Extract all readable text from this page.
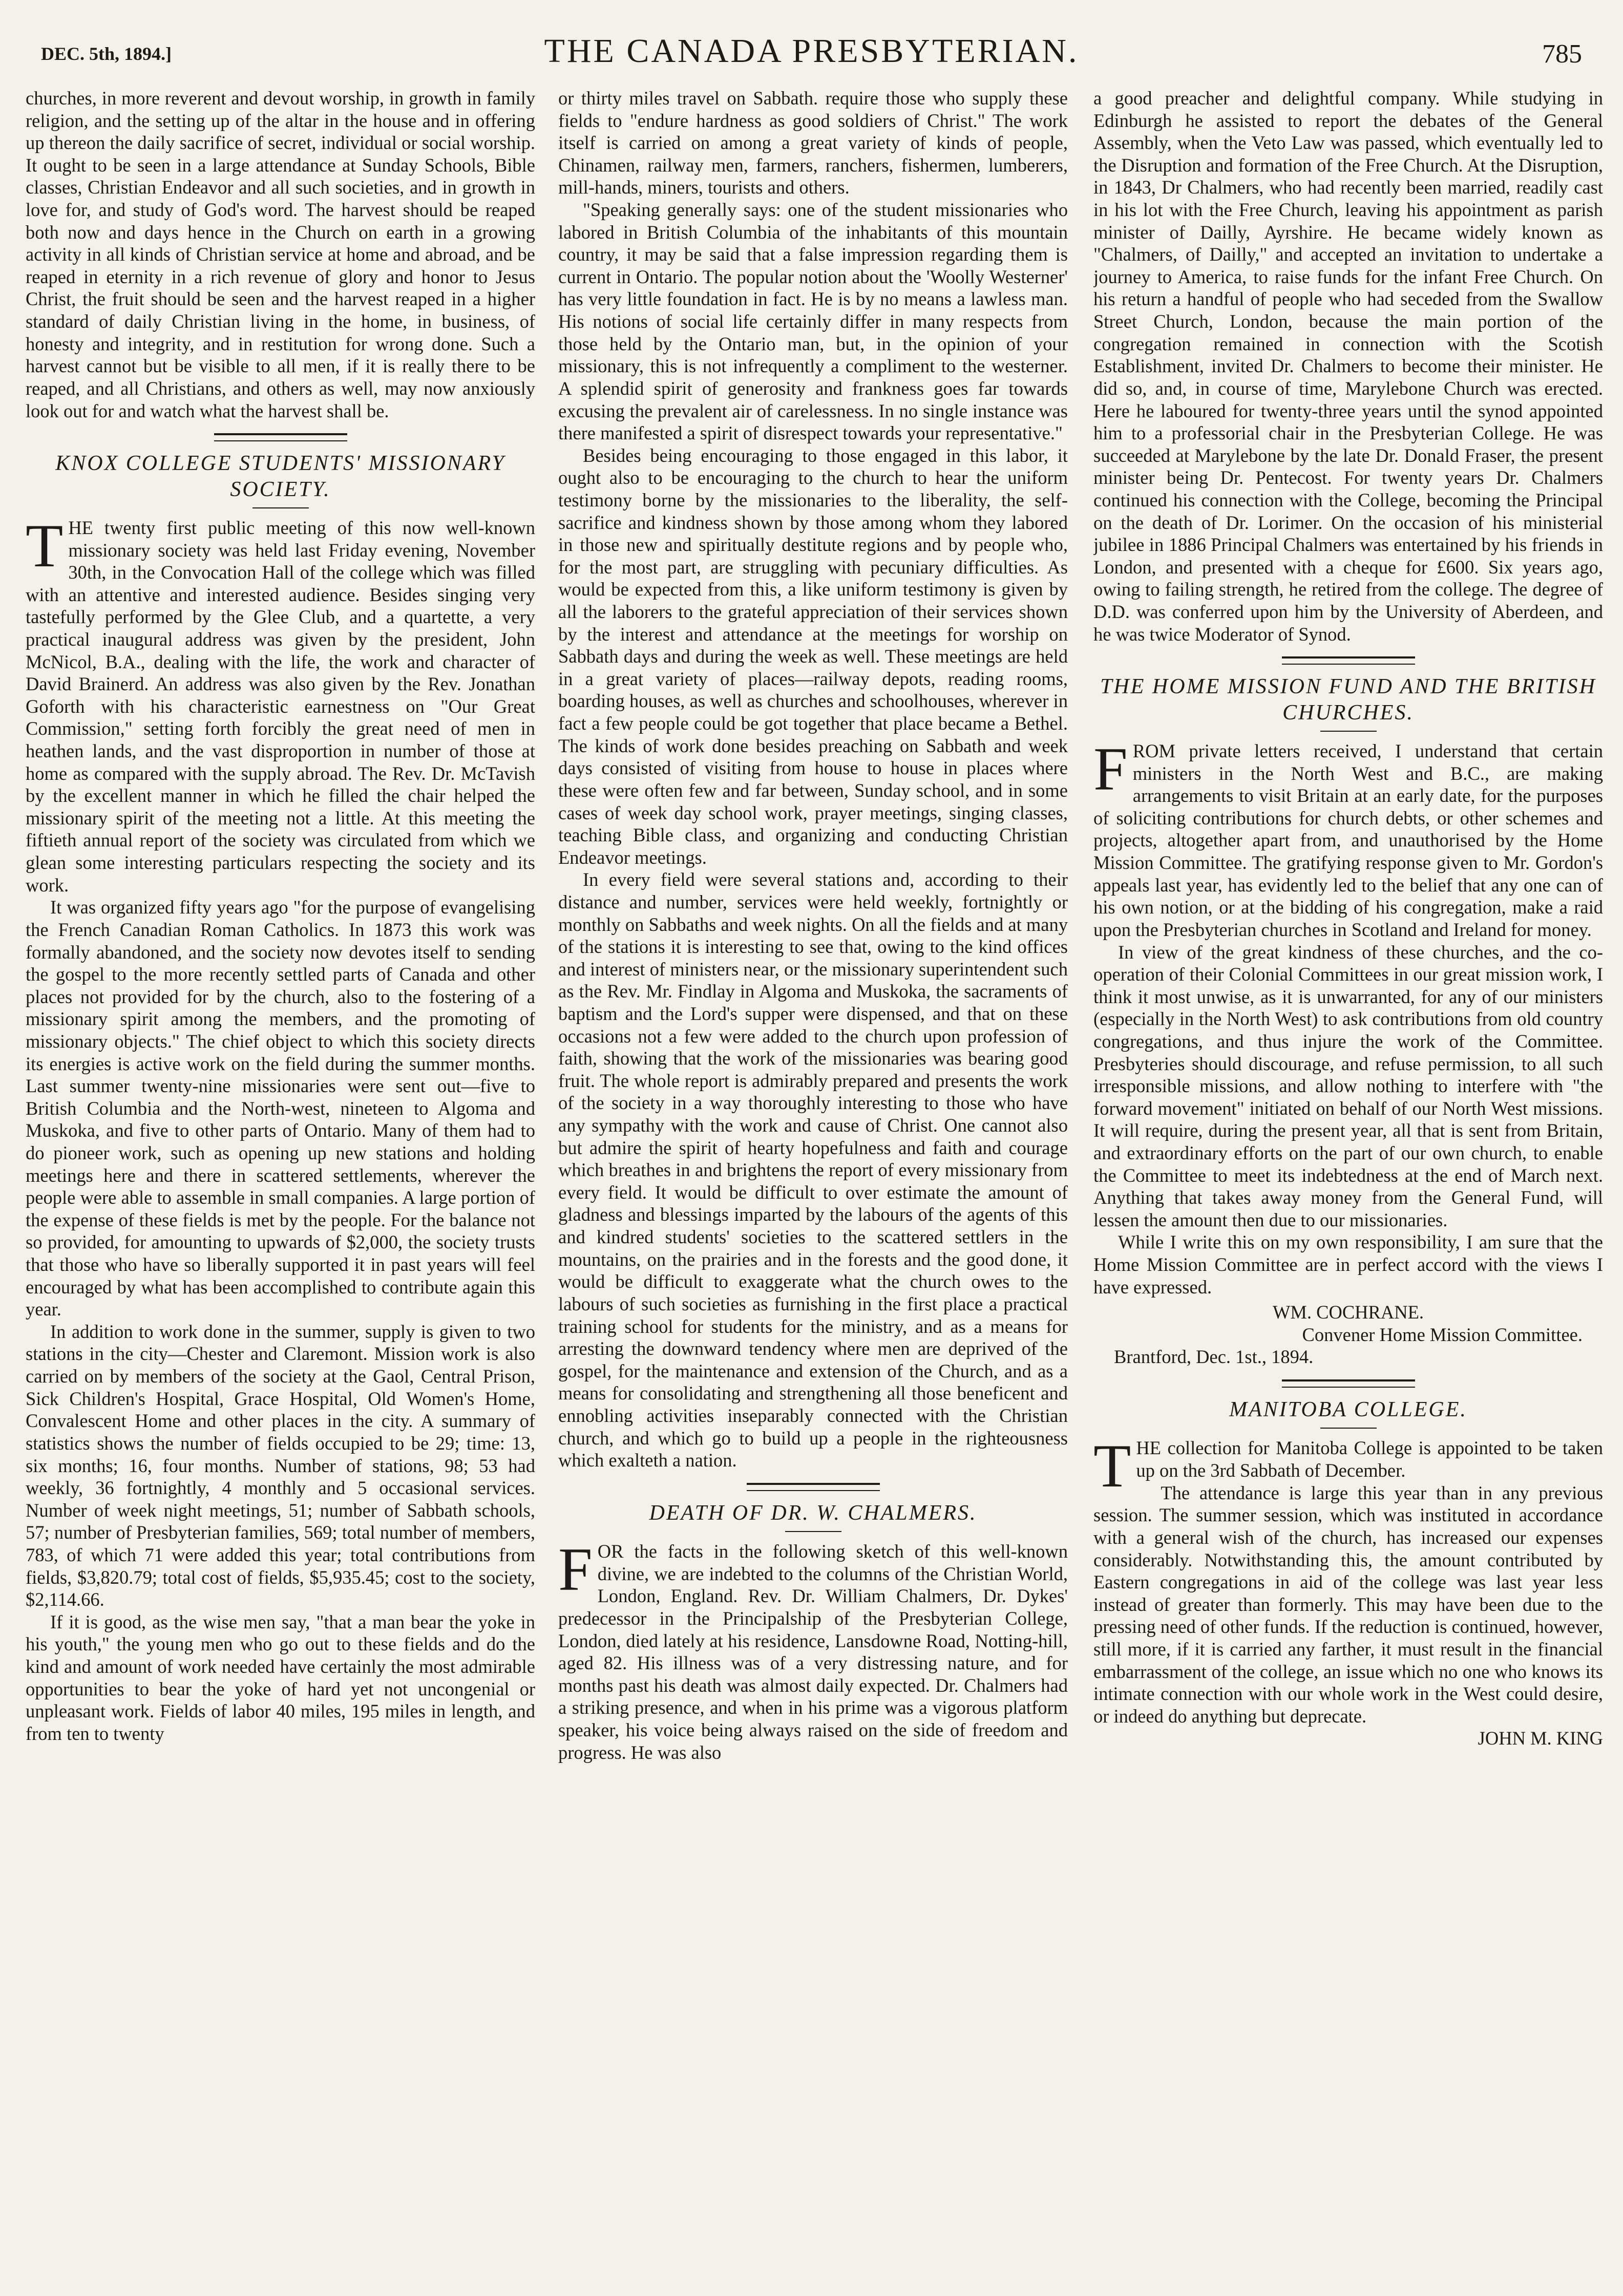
DEC. 5th, 1894.]	THE CANADA PRESBYTERIAN.	785

churches, in more reverent and devout worship, in growth in family religion, and the setting up of the altar in the house and in offering up thereon the daily sacrifice of secret, individual or social worship. It ought to be seen in a large attendance at Sunday Schools, Bible classes, Christian Endeavor and all such societies, and in growth in love for, and study of God's word. The harvest should be reaped both now and days hence in the Church on earth in a growing activity in all kinds of Christian service at home and abroad, and be reaped in eternity in a rich revenue of glory and honor to Jesus Christ, the fruit should be seen and the harvest reaped in a higher standard of daily Christian living in the home, in business, of honesty and integrity, and in restitution for wrong done. Such a harvest cannot but be visible to all men, if it is really there to be reaped, and all Christians, and others as well, may now anxiously look out for and watch what the harvest shall be.

KNOX COLLEGE STUDENTS' MISSIONARY SOCIETY.

THE twenty first public meeting of this now well-known missionary society was held last Friday evening, November 30th, in the Convocation Hall of the college which was filled with an attentive and interested audience. Besides singing very tastefully performed by the Glee Club, and a quartette, a very practical inaugural address was given by the president, John McNicol, B.A., dealing with the life, the work and character of David Brainerd. An address was also given by the Rev. Jonathan Goforth with his characteristic earnestness on "Our Great Commission," setting forth forcibly the great need of men in heathen lands, and the vast disproportion in number of those at home as compared with the supply abroad. The Rev. Dr. McTavish by the excellent manner in which he filled the chair helped the missionary spirit of the meeting not a little. At this meeting the fiftieth annual report of the society was circulated from which we glean some interesting particulars respecting the society and its work.

It was organized fifty years ago "for the purpose of evangelising the French Canadian Roman Catholics. In 1873 this work was formally abandoned, and the society now devotes itself to sending the gospel to the more recently settled parts of Canada and other places not provided for by the church, also to the fostering of a missionary spirit among the members, and the promoting of missionary objects." The chief object to which this society directs its energies is active work on the field during the summer months. Last summer twenty-nine missionaries were sent out—five to British Columbia and the North-west, nineteen to Algoma and Muskoka, and five to other parts of Ontario. Many of them had to do pioneer work, such as opening up new stations and holding meetings here and there in scattered settlements, wherever the people were able to assemble in small companies. A large portion of the expense of these fields is met by the people. For the balance not so provided, for amounting to upwards of $2,000, the society trusts that those who have so liberally supported it in past years will feel encouraged by what has been accomplished to contribute again this year.

In addition to work done in the summer, supply is given to two stations in the city—Chester and Claremont. Mission work is also carried on by members of the society at the Gaol, Central Prison, Sick Children's Hospital, Grace Hospital, Old Women's Home, Convalescent Home and other places in the city. A summary of statistics shows the number of fields occupied to be 29; time: 13, six months; 16, four months. Number of stations, 98; 53 had weekly, 36 fortnightly, 4 monthly and 5 occasional services. Number of week night meetings, 51; number of Sabbath schools, 57; number of Presbyterian families, 569; total number of members, 783, of which 71 were added this year; total contributions from fields, $3,820.79; total cost of fields, $5,935.45; cost to the society, $2,114.66.

If it is good, as the wise men say, "that a man bear the yoke in his youth," the young men who go out to these fields and do the kind and amount of work needed have certainly the most admirable opportunities to bear the yoke of hard yet not uncongenial or unpleasant work. Fields of labor 40 miles, 195 miles in length, and from ten to twenty

or thirty miles travel on Sabbath. require those who supply these fields to "endure hardness as good soldiers of Christ." The work itself is carried on among a great variety of kinds of people, Chinamen, railway men, farmers, ranchers, fishermen, lumberers, mill-hands, miners, tourists and others.

"Speaking generally says: one of the student missionaries who labored in British Columbia of the inhabitants of this mountain country, it may be said that a false impression regarding them is current in Ontario. The popular notion about the 'Woolly Westerner' has very little foundation in fact. He is by no means a lawless man. His notions of social life certainly differ in many respects from those held by the Ontario man, but, in the opinion of your missionary, this is not infrequently a compliment to the westerner. A splendid spirit of generosity and frankness goes far towards excusing the prevalent air of carelessness. In no single instance was there manifested a spirit of disrespect towards your representative."

Besides being encouraging to those engaged in this labor, it ought also to be encouraging to the church to hear the uniform testimony borne by the missionaries to the liberality, the self-sacrifice and kindness shown by those among whom they labored in those new and spiritually destitute regions and by people who, for the most part, are struggling with pecuniary difficulties. As would be expected from this, a like uniform testimony is given by all the laborers to the grateful appreciation of their services shown by the interest and attendance at the meetings for worship on Sabbath days and during the week as well. These meetings are held in a great variety of places—railway depots, reading rooms, boarding houses, as well as churches and schoolhouses, wherever in fact a few people could be got together that place became a Bethel. The kinds of work done besides preaching on Sabbath and week days consisted of visiting from house to house in places where these were often few and far between, Sunday school, and in some cases of week day school work, prayer meetings, singing classes, teaching Bible class, and organizing and conducting Christian Endeavor meetings.

In every field were several stations and, according to their distance and number, services were held weekly, fortnightly or monthly on Sabbaths and week nights. On all the fields and at many of the stations it is interesting to see that, owing to the kind offices and interest of ministers near, or the missionary superintendent such as the Rev. Mr. Findlay in Algoma and Muskoka, the sacraments of baptism and the Lord's supper were dispensed, and that on these occasions not a few were added to the church upon profession of faith, showing that the work of the missionaries was bearing good fruit. The whole report is admirably prepared and presents the work of the society in a way thoroughly interesting to those who have any sympathy with the work and cause of Christ. One cannot also but admire the spirit of hearty hopefulness and faith and courage which breathes in and brightens the report of every missionary from every field. It would be difficult to over estimate the amount of gladness and blessings imparted by the labours of the agents of this and kindred students' societies to the scattered settlers in the mountains, on the prairies and in the forests and the good done, it would be difficult to exaggerate what the church owes to the labours of such societies as furnishing in the first place a practical training school for students for the ministry, and as a means for arresting the downward tendency where men are deprived of the gospel, for the maintenance and extension of the Church, and as a means for consolidating and strengthening all those beneficent and ennobling activities inseparably connected with the Christian church, and which go to build up a people in the righteousness which exalteth a nation.

DEATH OF DR. W. CHALMERS.

FOR the facts in the following sketch of this well-known divine, we are indebted to the columns of the Christian World, London, England. Rev. Dr. William Chalmers, Dr. Dykes' predecessor in the Principalship of the Presbyterian College, London, died lately at his residence, Lansdowne Road, Notting-hill, aged 82. His illness was of a very distressing nature, and for months past his death was almost daily expected. Dr. Chalmers had a striking presence, and when in his prime was a vigorous platform speaker, his voice being always raised on the side of freedom and progress. He was also

a good preacher and delightful company. While studying in Edinburgh he assisted to report the debates of the General Assembly, when the Veto Law was passed, which eventually led to the Disruption and formation of the Free Church. At the Disruption, in 1843, Dr Chalmers, who had recently been married, readily cast in his lot with the Free Church, leaving his appointment as parish minister of Dailly, Ayrshire. He became widely known as "Chalmers, of Dailly," and accepted an invitation to undertake a journey to America, to raise funds for the infant Free Church. On his return a handful of people who had seceded from the Swallow Street Church, London, because the main portion of the congregation remained in connection with the Scotish Establishment, invited Dr. Chalmers to become their minister. He did so, and, in course of time, Marylebone Church was erected. Here he laboured for twenty-three years until the synod appointed him to a professorial chair in the Presbyterian College. He was succeeded at Marylebone by the late Dr. Donald Fraser, the present minister being Dr. Pentecost. For twenty years Dr. Chalmers continued his connection with the College, becoming the Principal on the death of Dr. Lorimer. On the occasion of his ministerial jubilee in 1886 Principal Chalmers was entertained by his friends in London, and presented with a cheque for £600. Six years ago, owing to failing strength, he retired from the college. The degree of D.D. was conferred upon him by the University of Aberdeen, and he was twice Moderator of Synod.

THE HOME MISSION FUND AND THE BRITISH CHURCHES.

FROM private letters received, I understand that certain ministers in the North West and B.C., are making arrangements to visit Britain at an early date, for the purposes of soliciting contributions for church debts, or other schemes and projects, altogether apart from, and unauthorised by the Home Mission Committee. The gratifying response given to Mr. Gordon's appeals last year, has evidently led to the belief that any one can of his own notion, or at the bidding of his congregation, make a raid upon the Presbyterian churches in Scotland and Ireland for money.

In view of the great kindness of these churches, and the co-operation of their Colonial Committees in our great mission work, I think it most unwise, as it is unwarranted, for any of our ministers (especially in the North West) to ask contributions from old country congregations, and thus injure the work of the Committee. Presbyteries should discourage, and refuse permission, to all such irresponsible missions, and allow nothing to interfere with "the forward movement" initiated on behalf of our North West missions. It will require, during the present year, all that is sent from Britain, and extraordinary efforts on the part of our own church, to enable the Committee to meet its indebtedness at the end of March next. Anything that takes away money from the General Fund, will lessen the amount then due to our missionaries.

While I write this on my own responsibility, I am sure that the Home Mission Committee are in perfect accord with the views I have expressed.

WM. COCHRANE.
Convener Home Mission Committee.
Brantford, Dec. 1st., 1894.
MANITOBA COLLEGE.

THE collection for Manitoba College is appointed to be taken up on the 3rd Sabbath of December.

The attendance is large this year than in any previous session. The summer session, which was instituted in accordance with a general wish of the church, has increased our expenses considerably. Notwithstanding this, the amount contributed by Eastern congregations in aid of the college was last year less instead of greater than formerly. This may have been due to the pressing need of other funds. If the reduction is continued, however, still more, if it is carried any farther, it must result in the financial embarrassment of the college, an issue which no one who knows its intimate connection with our whole work in the West could desire, or indeed do anything but deprecate.

JOHN M. KING
